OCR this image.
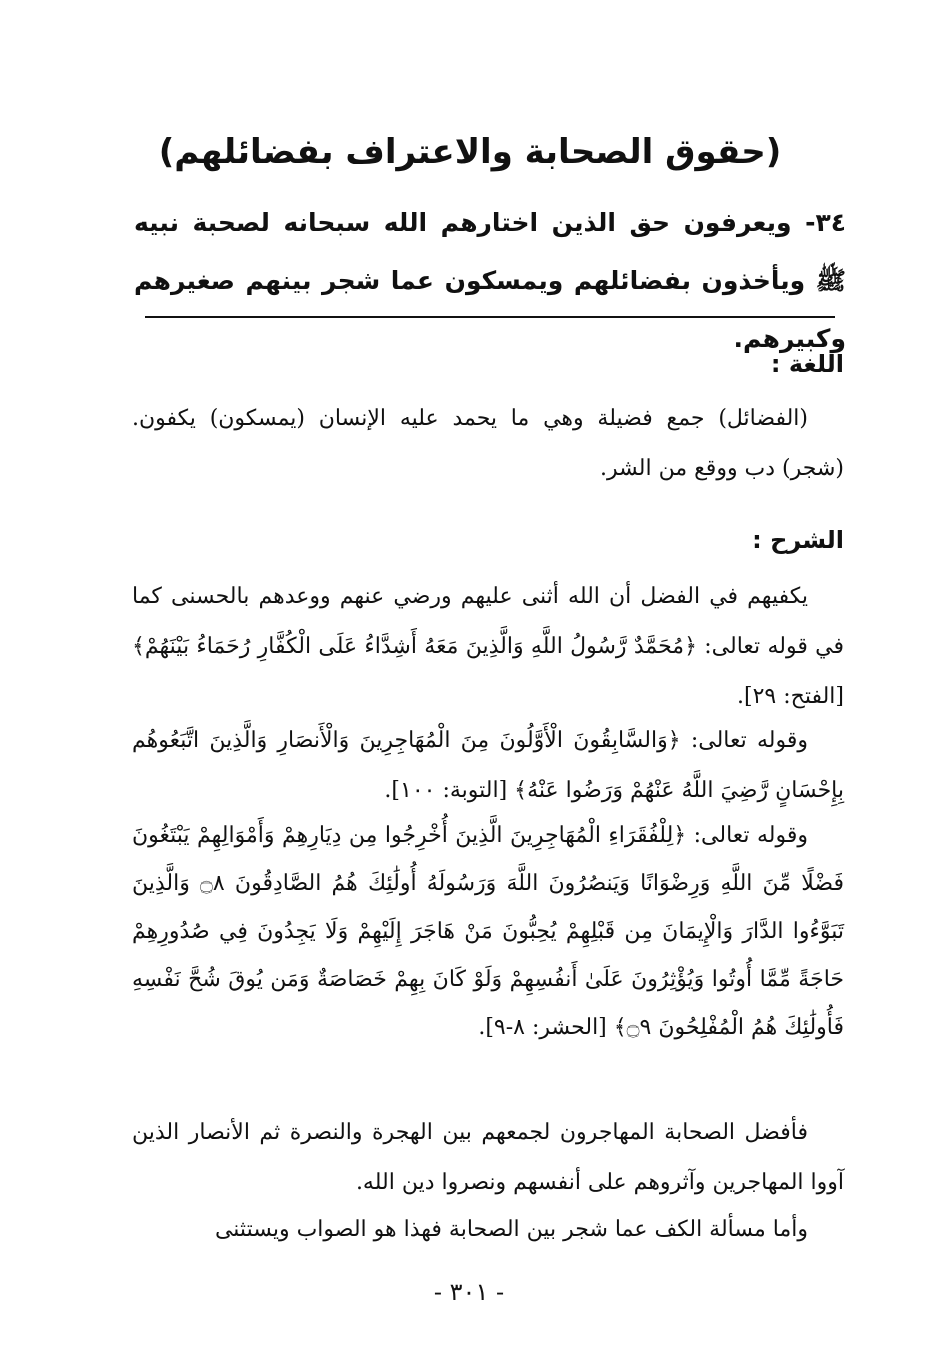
(حقوق الصحابة والاعتراف بفضائلهم)
٣٤- ويعرفون حق الذين اختارهم الله سبحانه لصحبة نبيه ﷺ ويأخذون بفضائلهم ويمسكون عما شجر بينهم صغيرهم وكبيرهم.
اللغة :
(الفضائل) جمع فضيلة وهي ما يحمد عليه الإنسان (يمسكون) يكفون. (شجر) دب ووقع من الشر.
الشرح :
يكفيهم في الفضل أن الله أثنى عليهم ورضي عنهم ووعدهم بالحسنى كما في قوله تعالى: ﴿مُحَمَّدٌ رَّسُولُ اللَّهِ وَالَّذِينَ مَعَهُ أَشِدَّاءُ عَلَى الْكُفَّارِ رُحَمَاءُ بَيْنَهُمْ﴾ [الفتح: ٢٩].
وقوله تعالى: ﴿وَالسَّابِقُونَ الْأَوَّلُونَ مِنَ الْمُهَاجِرِينَ وَالْأَنصَارِ وَالَّذِينَ اتَّبَعُوهُم بِإِحْسَانٍ رَّضِيَ اللَّهُ عَنْهُمْ وَرَضُوا عَنْهُ﴾ [التوبة: ١٠٠].
وقوله تعالى: ﴿لِلْفُقَرَاءِ الْمُهَاجِرِينَ الَّذِينَ أُخْرِجُوا مِن دِيَارِهِمْ وَأَمْوَالِهِمْ يَبْتَغُونَ فَضْلًا مِّنَ اللَّهِ وَرِضْوَانًا وَيَنصُرُونَ اللَّهَ وَرَسُولَهُ أُولَٰئِكَ هُمُ الصَّادِقُونَ ۝٨ وَالَّذِينَ تَبَوَّءُوا الدَّارَ وَالْإِيمَانَ مِن قَبْلِهِمْ يُحِبُّونَ مَنْ هَاجَرَ إِلَيْهِمْ وَلَا يَجِدُونَ فِي صُدُورِهِمْ حَاجَةً مِّمَّا أُوتُوا وَيُؤْثِرُونَ عَلَىٰ أَنفُسِهِمْ وَلَوْ كَانَ بِهِمْ خَصَاصَةٌ وَمَن يُوقَ شُحَّ نَفْسِهِ فَأُولَٰئِكَ هُمُ الْمُفْلِحُونَ ۝٩﴾ [الحشر: ٨-٩].
فأفضل الصحابة المهاجرون لجمعهم بين الهجرة والنصرة ثم الأنصار الذين آووا المهاجرين وآثروهم على أنفسهم ونصروا دين الله.
وأما مسألة الكف عما شجر بين الصحابة فهذا هو الصواب ويستثنى
- ٣٠١ -
